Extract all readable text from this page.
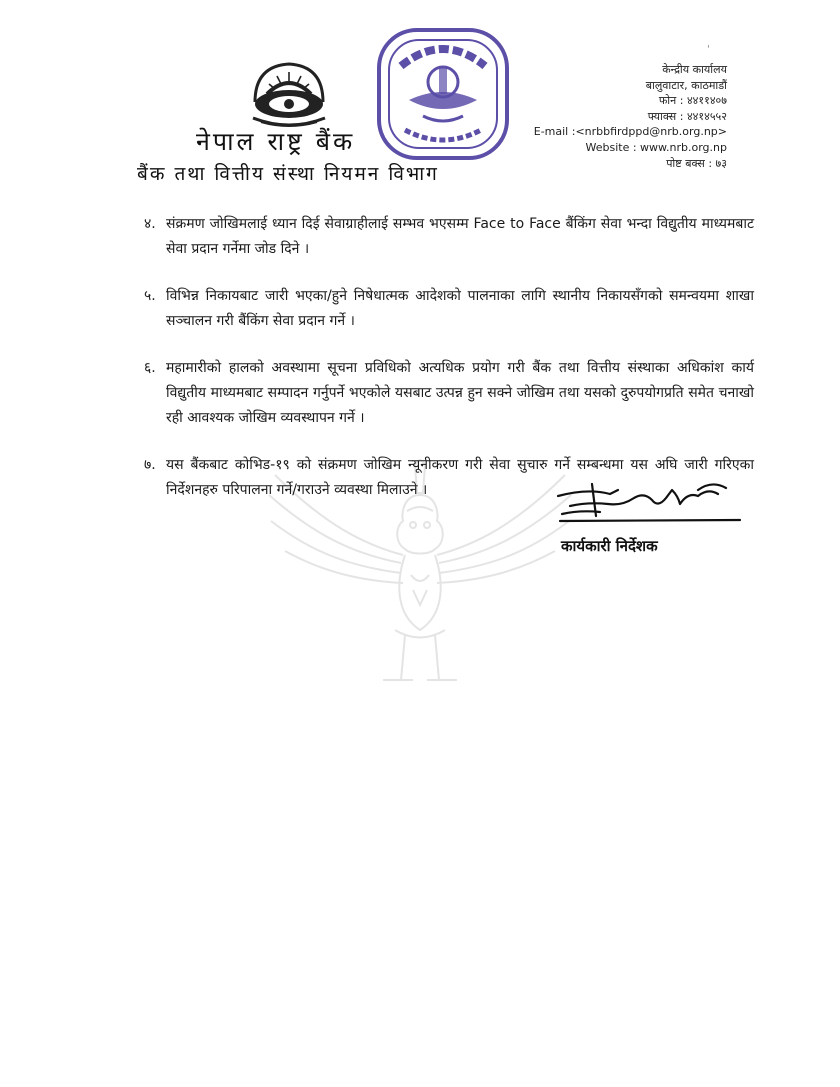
'
नेपाल राष्ट्र बैंक
बैंक तथा वित्तीय संस्था नियमन विभाग
केन्द्रीय कार्यालय
बालुवाटार, काठमाडौं
फोन : ४४११४०७
फ्याक्स : ४४१४५५२
E-mail :<nrbbfirdppd@nrb.org.np>
Website : www.nrb.org.np
पोष्ट बक्स : ७३
४. संक्रमण जोखिमलाई ध्यान दिई सेवाग्राहीलाई सम्भव भएसम्म Face to Face बैंकिंग सेवा भन्दा विद्युतीय माध्यमबाट सेवा प्रदान गर्नेमा जोड दिने ।
५. विभिन्न निकायबाट जारी भएका/हुने निषेधात्मक आदेशको पालनाका लागि स्थानीय निकायसँगको समन्वयमा शाखा सञ्चालन गरी बैंकिंग सेवा प्रदान गर्ने ।
६. महामारीको हालको अवस्थामा सूचना प्रविधिको अत्यधिक प्रयोग गरी बैंक तथा वित्तीय संस्थाका अधिकांश कार्य विद्युतीय माध्यमबाट सम्पादन गर्नुपर्ने भएकोले यसबाट उत्पन्न हुन सक्ने जोखिम तथा यसको दुरुपयोगप्रति समेत चनाखो रही आवश्यक जोखिम व्यवस्थापन गर्ने ।
७. यस बैंकबाट कोभिड-१९ को संक्रमण जोखिम न्यूनीकरण गरी सेवा सुचारु गर्ने सम्बन्धमा यस अघि जारी गरिएका निर्देशनहरु परिपालना गर्ने/गराउने व्यवस्था मिलाउने ।
कार्यकारी निर्देशक
